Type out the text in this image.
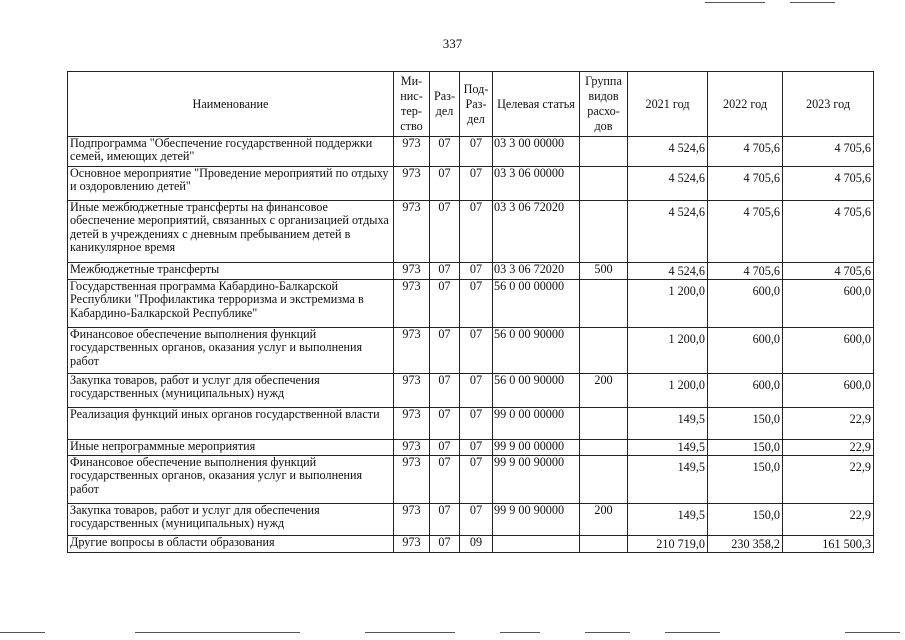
337
Наименование	Ми-нис-тер-ство	Раз-дел	Под-Раз-дел	Целевая статья	Группа видов расхо-дов	2021 год	2022 год	2023 год
Подпрограмма "Обеспечение государственной поддержки семей, имеющих детей"	973	07	07	03 3 00 00000		4 524,6	4 705,6	4 705,6
Основное мероприятие "Проведение мероприятий по отдыху и оздоровлению детей"	973	07	07	03 3 06 00000		4 524,6	4 705,6	4 705,6
Иные межбюджетные трансферты на финансовое обеспечение мероприятий, связанных с организацией отдыха детей в учреждениях с дневным пребыванием детей в каникулярное время	973	07	07	03 3 06 72020		4 524,6	4 705,6	4 705,6
Межбюджетные трансферты	973	07	07	03 3 06 72020	500	4 524,6	4 705,6	4 705,6
Государственная программа Кабардино-Балкарской Республики "Профилактика терроризма и экстремизма в Кабардино-Балкарской Республике"	973	07	07	56 0 00 00000		1 200,0	600,0	600,0
Финансовое обеспечение выполнения функций государственных органов, оказания услуг и выполнения работ	973	07	07	56 0 00 90000		1 200,0	600,0	600,0
Закупка товаров, работ и услуг для обеспечения государственных (муниципальных) нужд	973	07	07	56 0 00 90000	200	1 200,0	600,0	600,0
Реализация функций иных органов государственной власти	973	07	07	99 0 00 00000		149,5	150,0	22,9
Иные непрограммные мероприятия	973	07	07	99 9 00 00000		149,5	150,0	22,9
Финансовое обеспечение выполнения функций государственных органов, оказания услуг и выполнения работ	973	07	07	99 9 00 90000		149,5	150,0	22,9
Закупка товаров, работ и услуг для обеспечения государственных (муниципальных) нужд	973	07	07	99 9 00 90000	200	149,5	150,0	22,9
Другие вопросы в области образования	973	07	09			210 719,0	230 358,2	161 500,3
